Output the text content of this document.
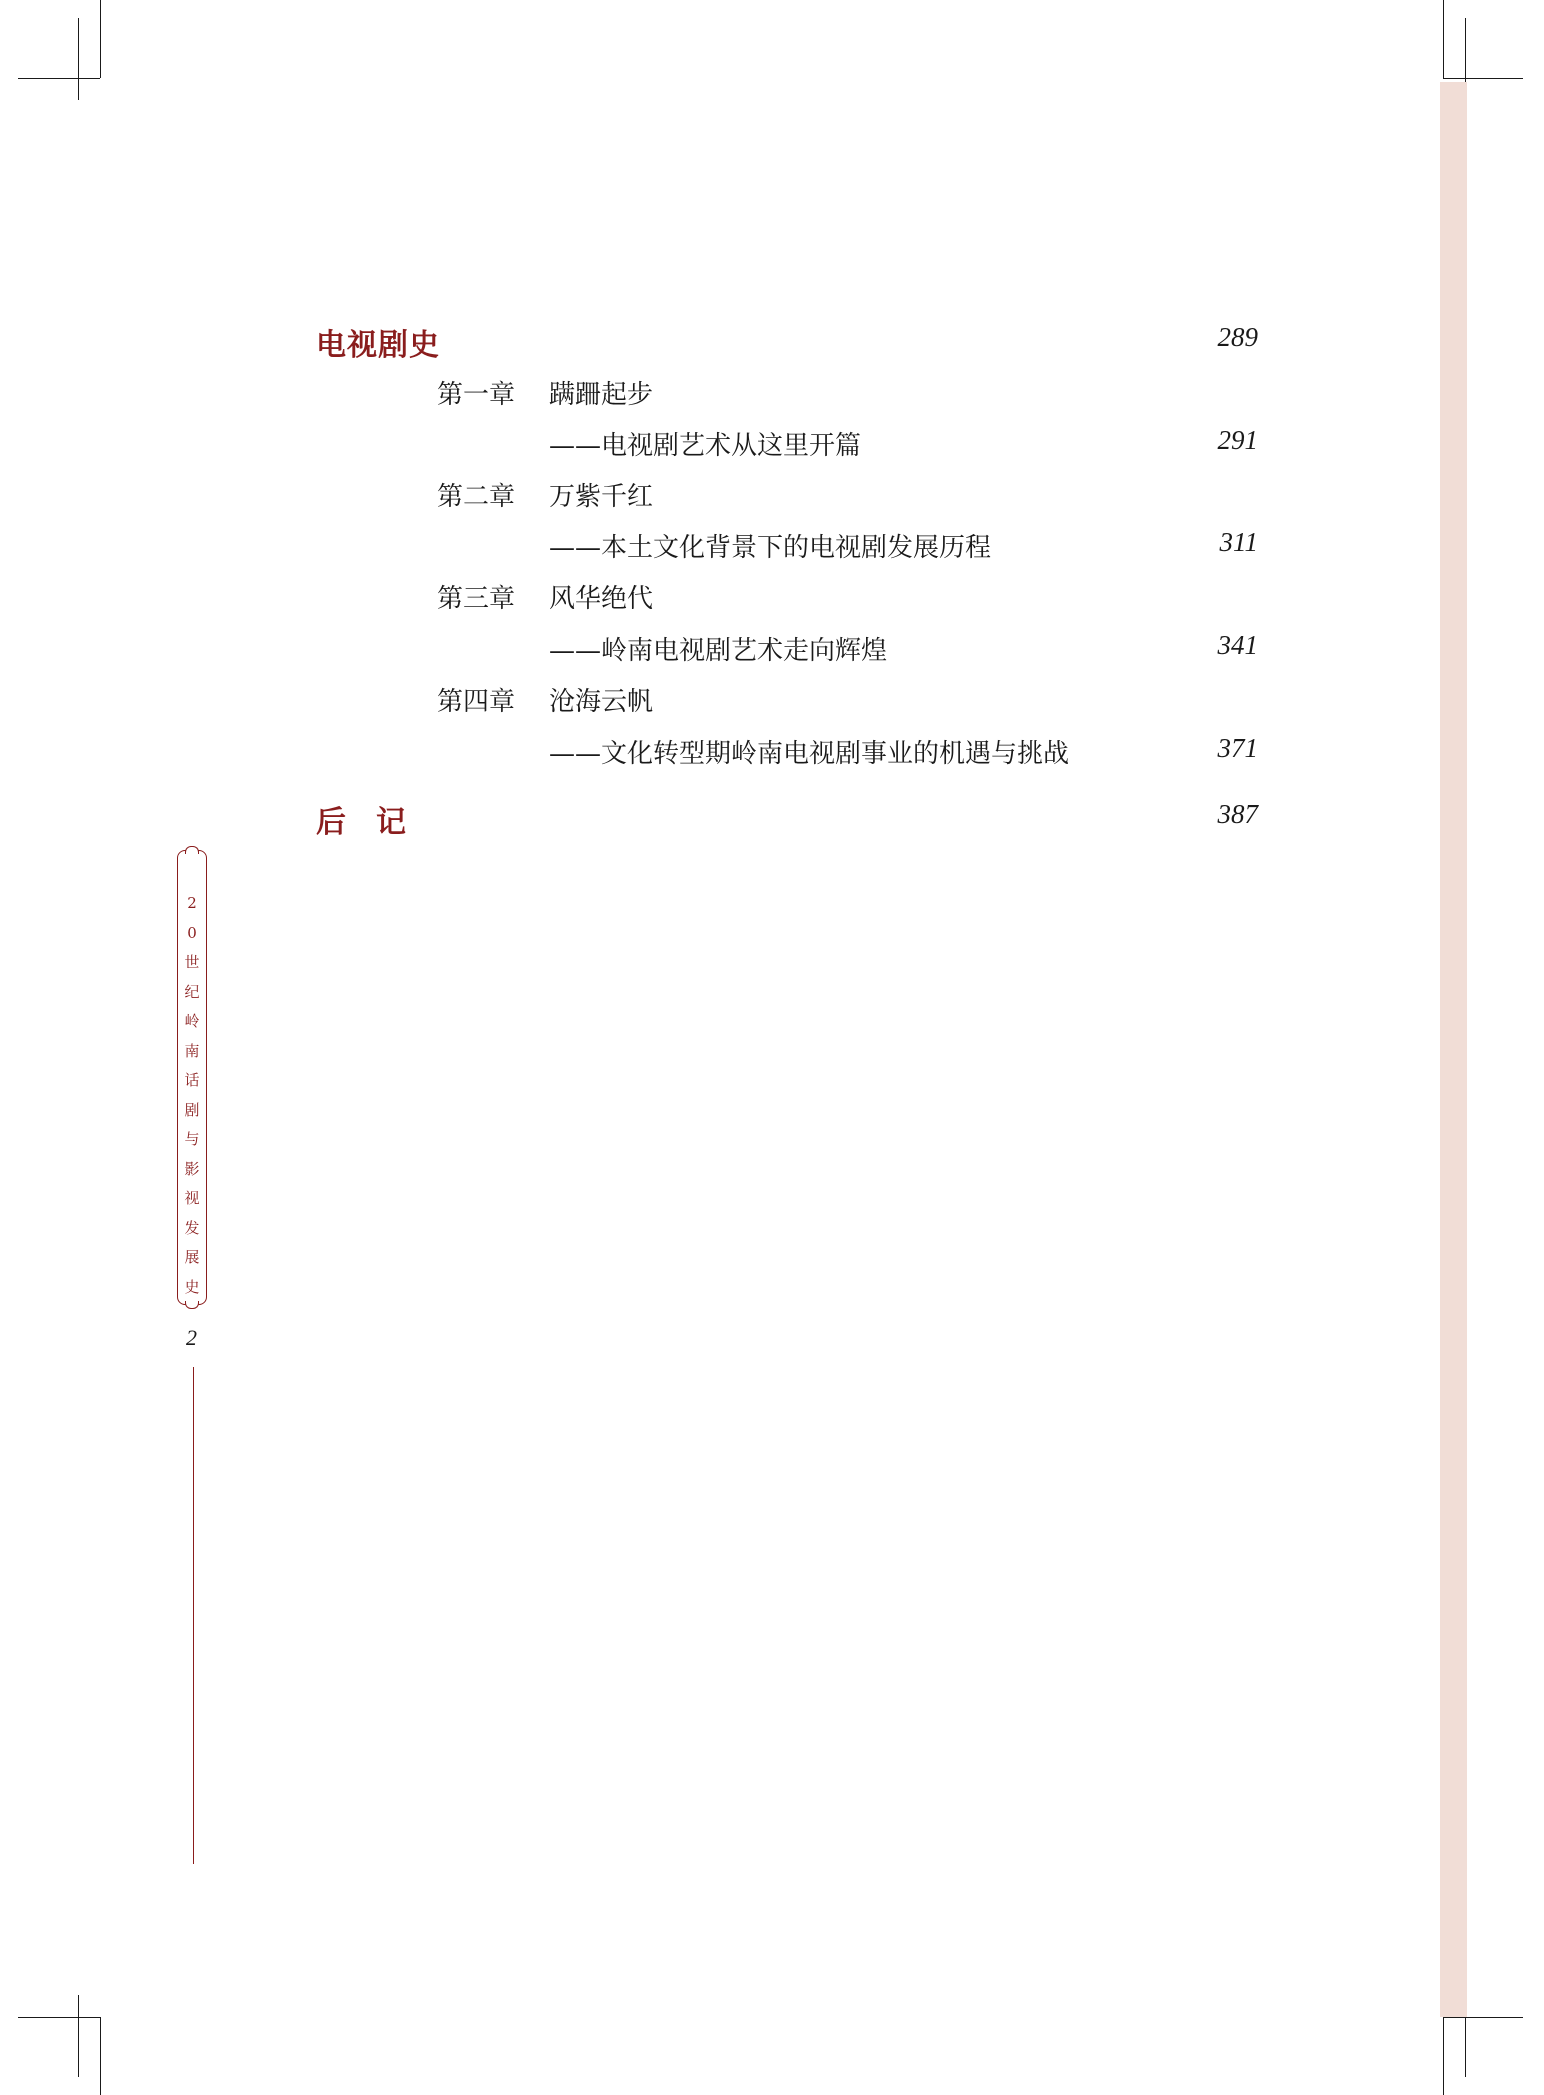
电视剧史	289
第一章 蹒跚起步
——电视剧艺术从这里开篇	291
第二章 万紫千红
——本土文化背景下的电视剧发展历程	311
第三章 风华绝代
——岭南电视剧艺术走向辉煌	341
第四章 沧海云帆
——文化转型期岭南电视剧事业的机遇与挑战	371
后记	387
2
0
世
纪
岭
南
话
剧
与
影
视
发
展
史
2
